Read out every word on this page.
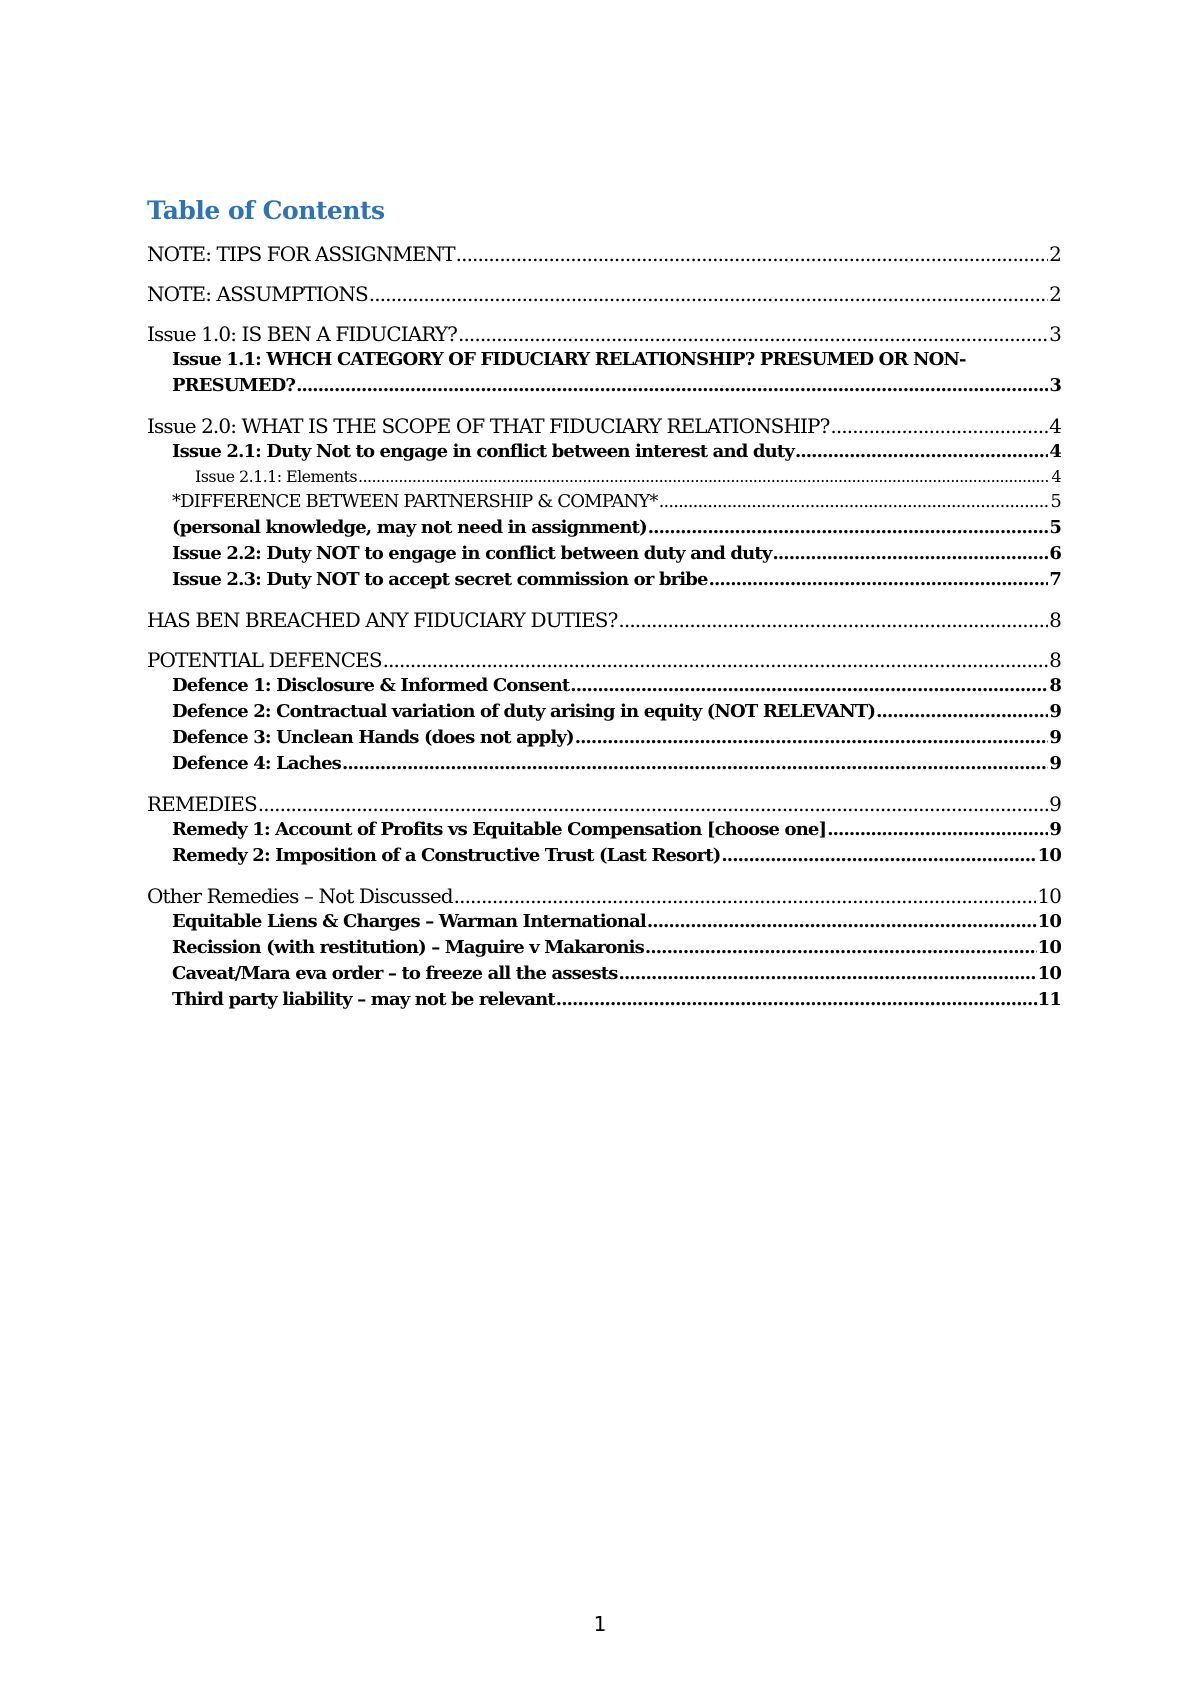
Table of Contents
NOTE: TIPS FOR ASSIGNMENT .....	2
NOTE: ASSUMPTIONS .....	2
Issue 1.0: IS BEN A FIDUCIARY? .....	3
Issue 1.1: WHCH CATEGORY OF FIDUCIARY RELATIONSHIP? PRESUMED OR NON-
PRESUMED? .....	3
Issue 2.0: WHAT IS THE SCOPE OF THAT FIDUCIARY RELATIONSHIP? .....	4
Issue 2.1: Duty Not to engage in conflict between interest and duty .....	4
Issue 2.1.1: Elements .....	4
*DIFFERENCE BETWEEN PARTNERSHIP & COMPANY* .....	5
(personal knowledge, may not need in assignment) .....	5
Issue 2.2: Duty NOT to engage in conflict between duty and duty .....	6
Issue 2.3: Duty NOT to accept secret commission or bribe .....	7
HAS BEN BREACHED ANY FIDUCIARY DUTIES? .....	8
POTENTIAL DEFENCES .....	8
Defence 1: Disclosure & Informed Consent .....	8
Defence 2: Contractual variation of duty arising in equity (NOT RELEVANT) .....	9
Defence 3: Unclean Hands (does not apply) .....	9
Defence 4: Laches .....	9
REMEDIES .....	9
Remedy 1: Account of Profits vs Equitable Compensation [choose one] .....	9
Remedy 2: Imposition of a Constructive Trust (Last Resort) .....	10
Other Remedies – Not Discussed .....	10
Equitable Liens & Charges – Warman International .....	10
Recission (with restitution) – Maguire v Makaronis .....	10
Caveat/Mara eva order – to freeze all the assests .....	10
Third party liability – may not be relevant .....	11
1
